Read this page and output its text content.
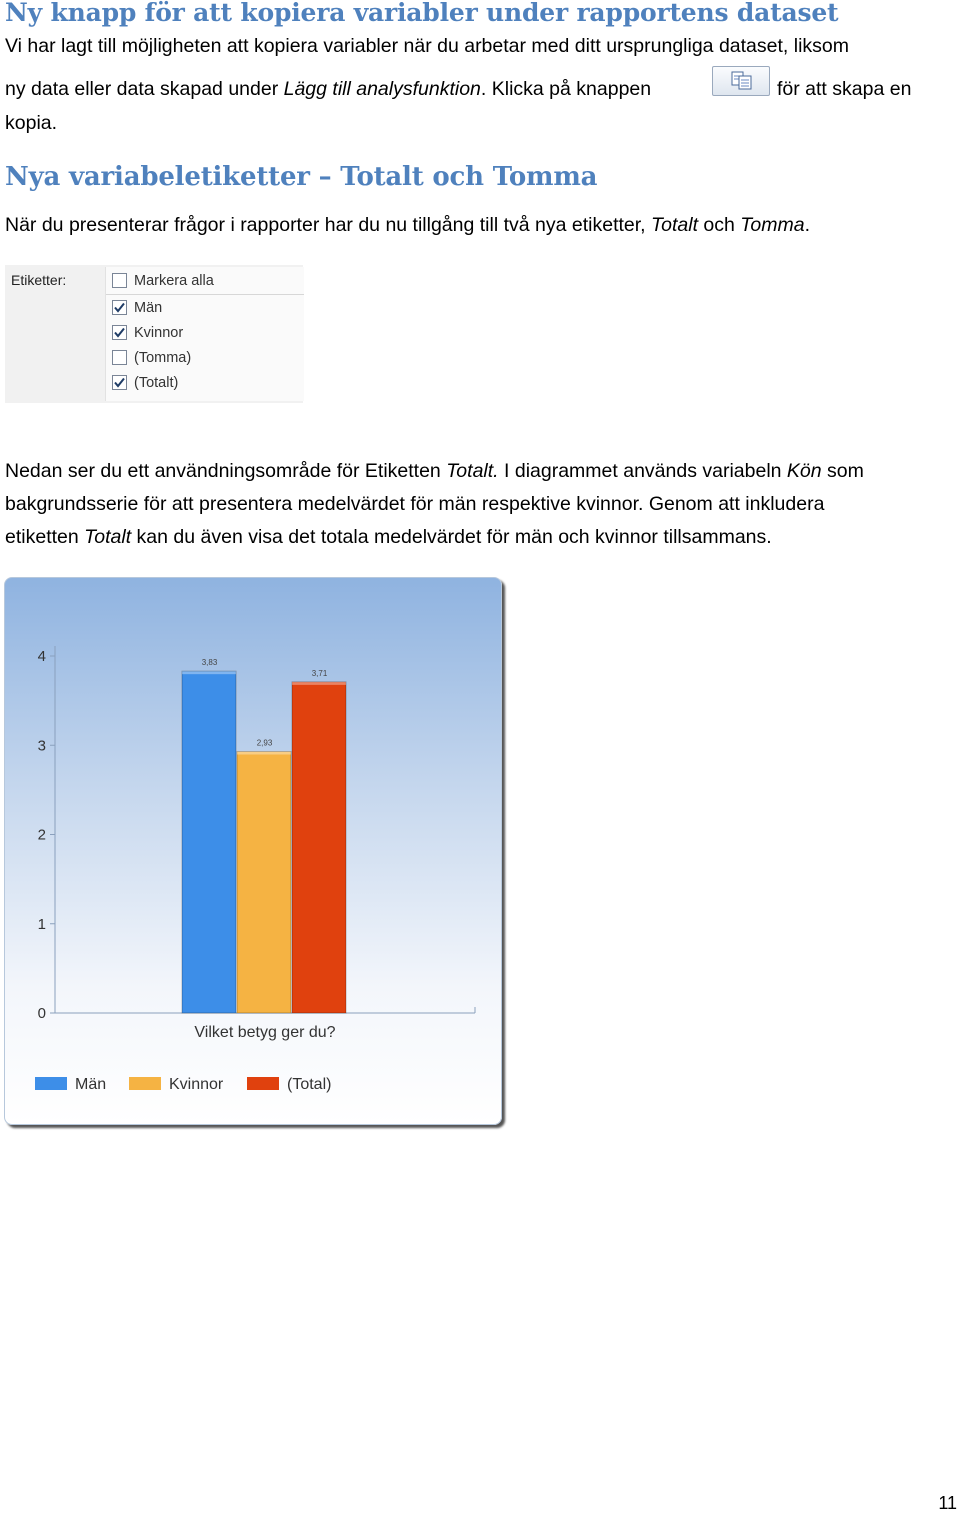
Ny knapp för att kopiera variabler under rapportens dataset
Vi har lagt till möjligheten att kopiera variabler när du arbetar med ditt ursprungliga dataset, liksom
ny data eller data skapad under Lägg till analysfunktion. Klicka på knappen	för att skapa en
kopia.
Nya variabeletiketter – Totalt och Tomma
När du presenterar frågor i rapporter har du nu tillgång till två nya etiketter, Totalt och Tomma.
Etiketter:	Markera alla
Män
Kvinnor
(Tomma)
(Totalt)
Nedan ser du ett användningsområde för Etiketten Totalt. I diagrammet används variabeln Kön som
bakgrundsserie för att presentera medelvärdet för män respektive kvinnor. Genom att inkludera
etiketten Totalt kan du även visa det totala medelvärdet för män och kvinnor tillsammans.
0
1
2
3
4	3,83
2,93
3,71
Vilket betyg ger du?
Män	Kvinnor	(Total)
11
